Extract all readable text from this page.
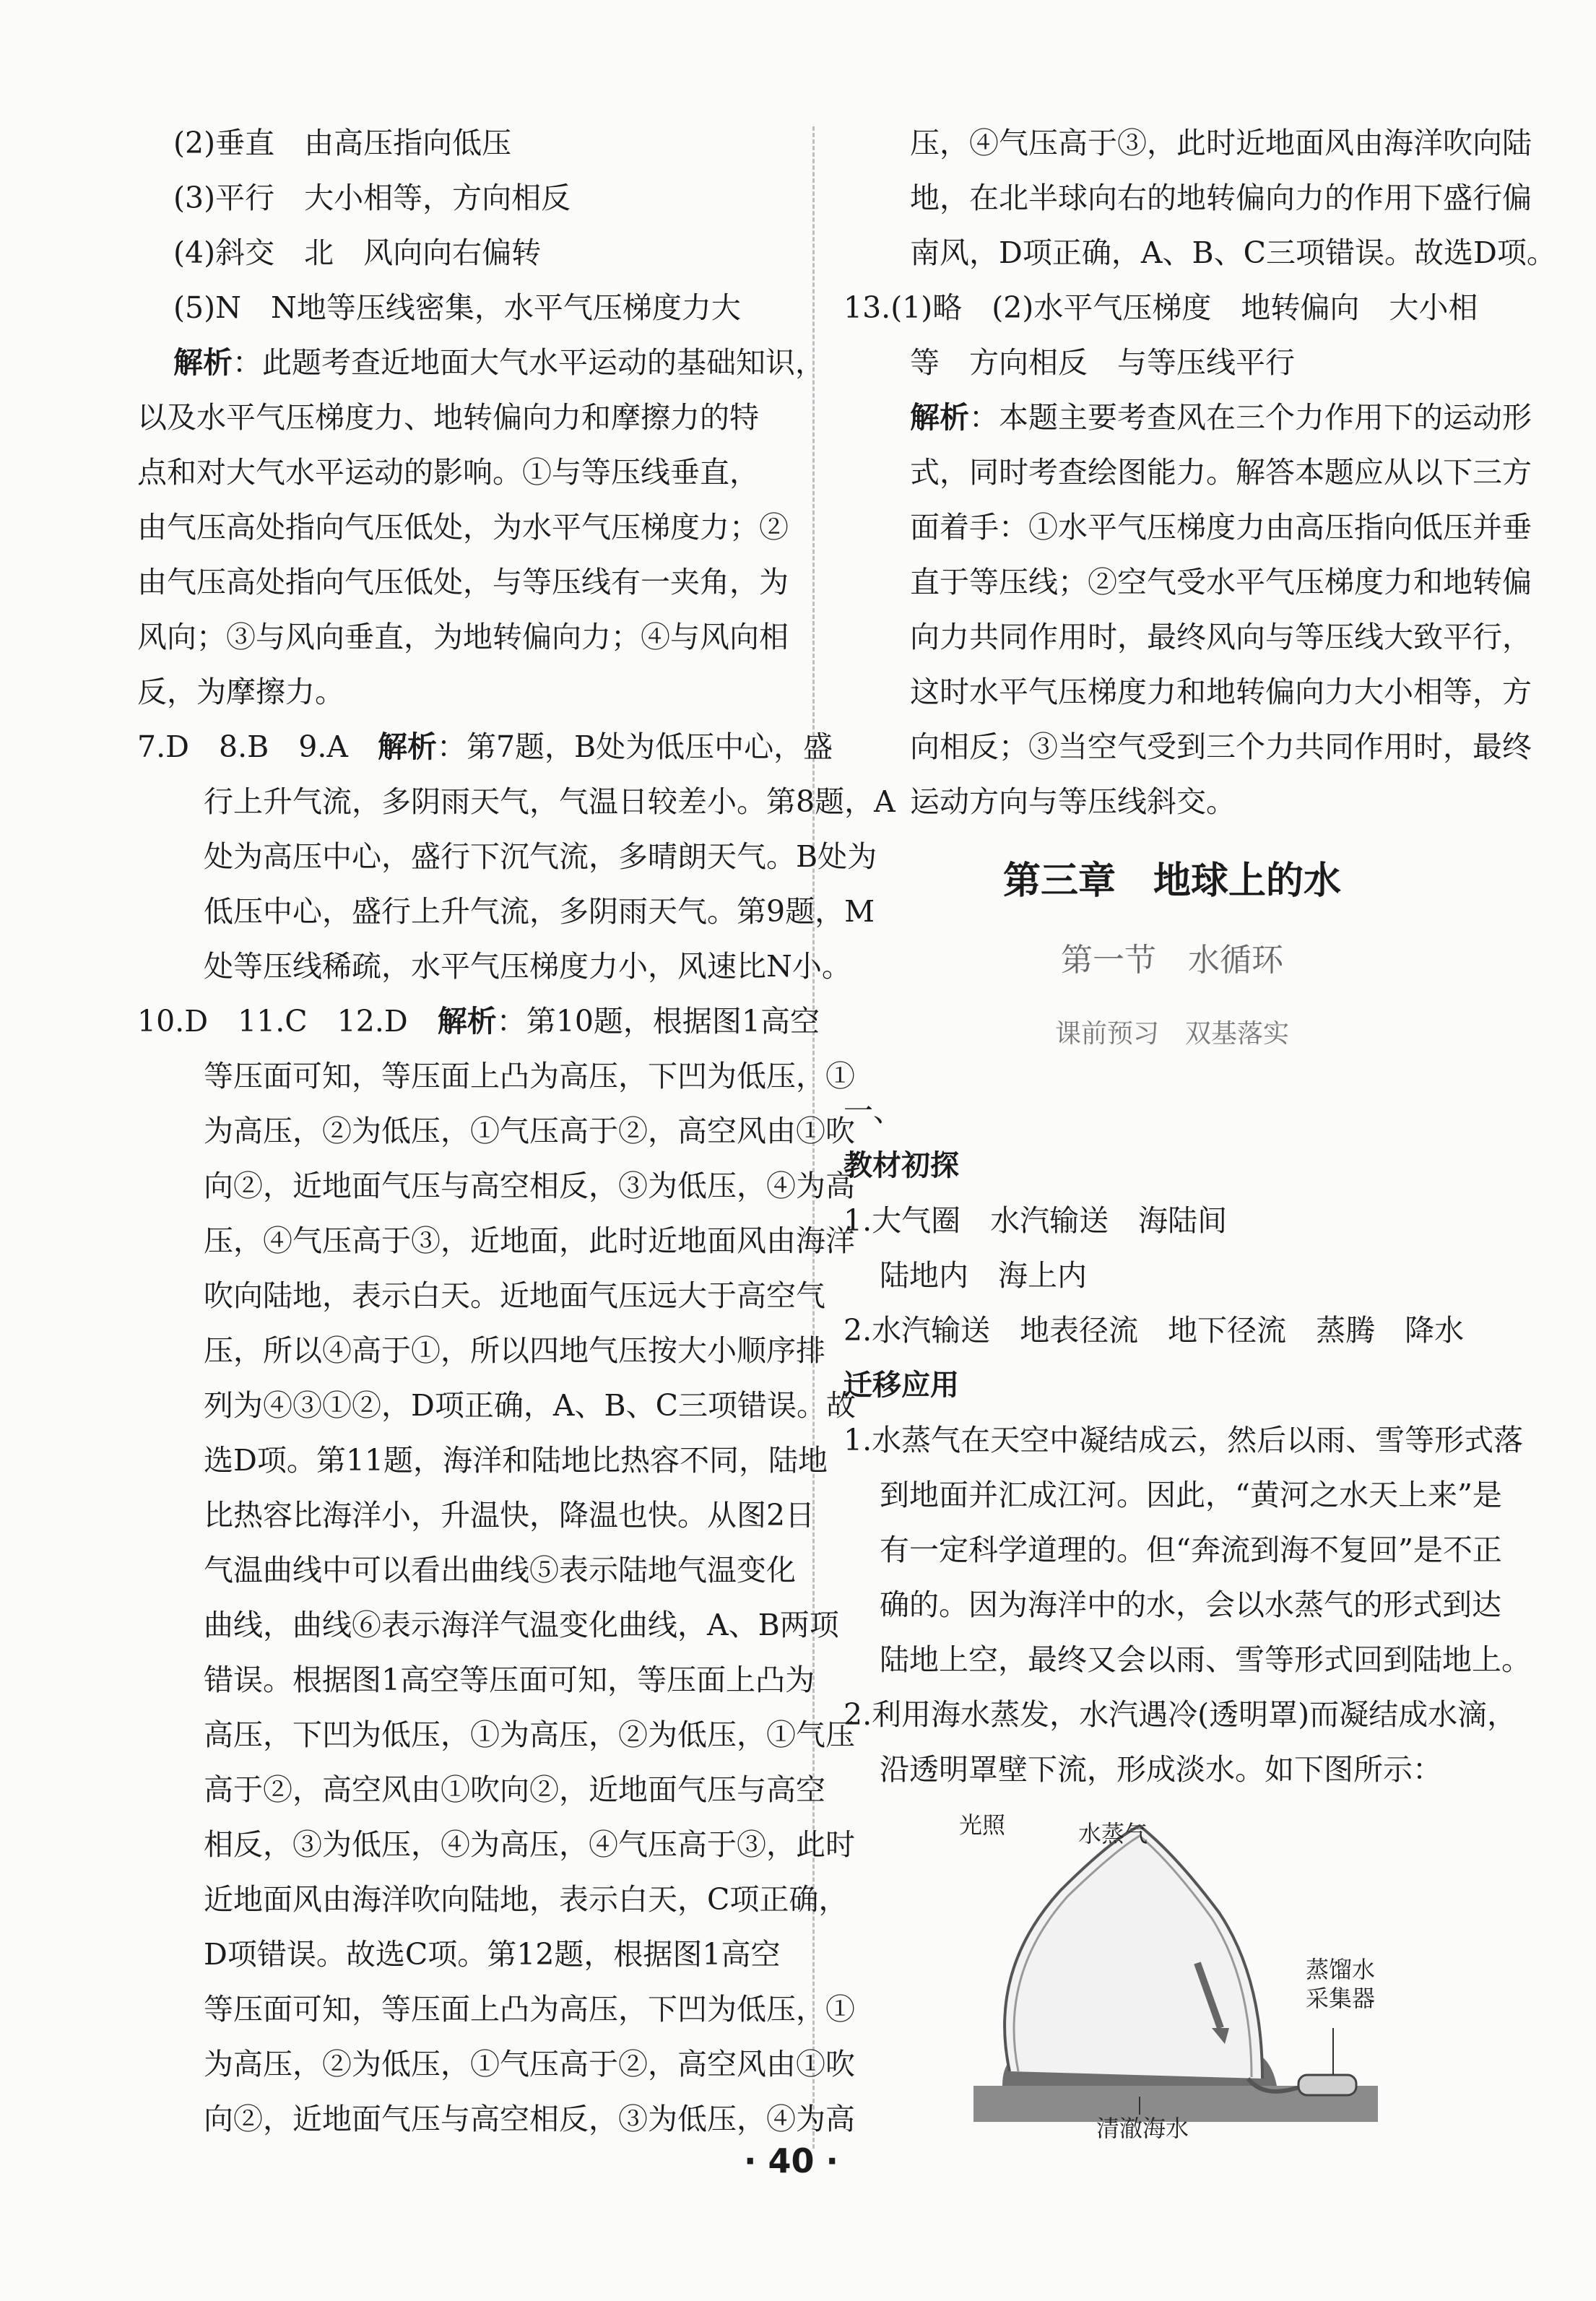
(2)垂直　由高压指向低压
(3)平行　大小相等，方向相反
(4)斜交　北　风向向右偏转
(5)N　N地等压线密集，水平气压梯度力大
解析：此题考查近地面大气水平运动的基础知识，
以及水平气压梯度力、地转偏向力和摩擦力的特
点和对大气水平运动的影响。①与等压线垂直，
由气压高处指向气压低处，为水平气压梯度力；②
由气压高处指向气压低处，与等压线有一夹角，为
风向；③与风向垂直，为地转偏向力；④与风向相
反，为摩擦力。
7.D　8.B　9.A　解析：第7题，B处为低压中心，盛
行上升气流，多阴雨天气，气温日较差小。第8题，A
处为高压中心，盛行下沉气流，多晴朗天气。B处为
低压中心，盛行上升气流，多阴雨天气。第9题，M
处等压线稀疏，水平气压梯度力小，风速比N小。
10.D　11.C　12.D　解析：第10题，根据图1高空
等压面可知，等压面上凸为高压，下凹为低压，①
为高压，②为低压，①气压高于②，高空风由①吹
向②，近地面气压与高空相反，③为低压，④为高
压，④气压高于③，近地面，此时近地面风由海洋
吹向陆地，表示白天。近地面气压远大于高空气
压，所以④高于①，所以四地气压按大小顺序排
列为④③①②，D项正确，A、B、C三项错误。故
选D项。第11题，海洋和陆地比热容不同，陆地
比热容比海洋小，升温快，降温也快。从图2日
气温曲线中可以看出曲线⑤表示陆地气温变化
曲线，曲线⑥表示海洋气温变化曲线，A、B两项
错误。根据图1高空等压面可知，等压面上凸为
高压，下凹为低压，①为高压，②为低压，①气压
高于②，高空风由①吹向②，近地面气压与高空
相反，③为低压，④为高压，④气压高于③，此时
近地面风由海洋吹向陆地，表示白天，C项正确，
D项错误。故选C项。第12题，根据图1高空
等压面可知，等压面上凸为高压，下凹为低压，①
为高压，②为低压，①气压高于②，高空风由①吹
向②，近地面气压与高空相反，③为低压，④为高
压，④气压高于③，此时近地面风由海洋吹向陆
地，在北半球向右的地转偏向力的作用下盛行偏
南风，D项正确，A、B、C三项错误。故选D项。
13.(1)略　(2)水平气压梯度　地转偏向　大小相
等　方向相反　与等压线平行
解析：本题主要考查风在三个力作用下的运动形
式，同时考查绘图能力。解答本题应从以下三方
面着手：①水平气压梯度力由高压指向低压并垂
直于等压线；②空气受水平气压梯度力和地转偏
向力共同作用时，最终风向与等压线大致平行，
这时水平气压梯度力和地转偏向力大小相等，方
向相反；③当空气受到三个力共同作用时，最终
运动方向与等压线斜交。
第三章　地球上的水
第一节　水循环
课前预习　双基落实
一、
教材初探
1.大气圈　水汽输送　海陆间
陆地内　海上内
2.水汽输送　地表径流　地下径流　蒸腾　降水
迁移应用
1.水蒸气在天空中凝结成云，然后以雨、雪等形式落
到地面并汇成江河。因此，“黄河之水天上来”是
有一定科学道理的。但“奔流到海不复回”是不正
确的。因为海洋中的水，会以水蒸气的形式到达
陆地上空，最终又会以雨、雪等形式回到陆地上。
2.利用海水蒸发，水汽遇冷(透明罩)而凝结成水滴，
沿透明罩壁下流，形成淡水。如下图所示：
光照	水蒸气
蒸馏水
采集器
清澈海水
· 40 ·
